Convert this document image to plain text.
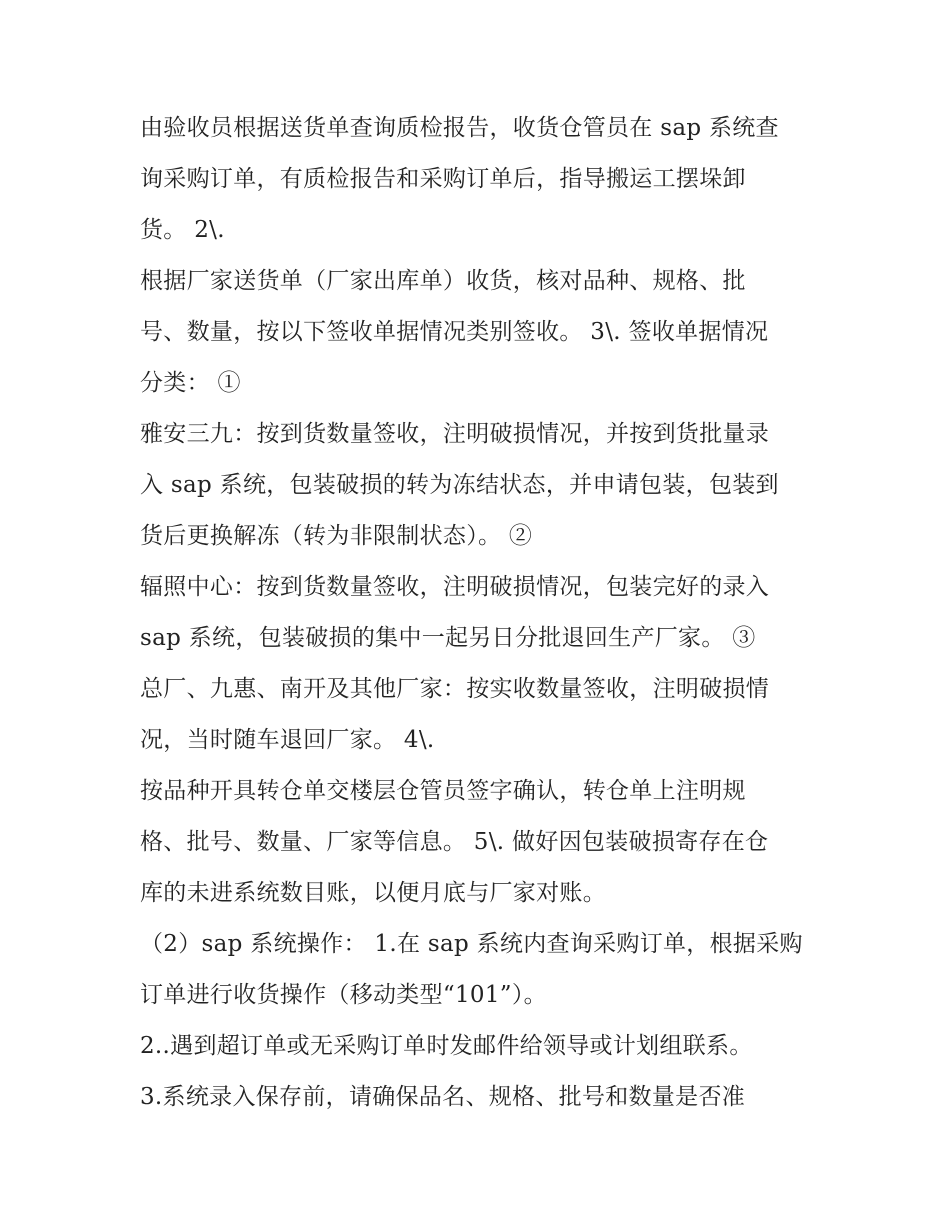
由验收员根据送货单查询质检报告，收货仓管员在 sap 系统查
询采购订单，有质检报告和采购订单后，指导搬运工摆垛卸
货。 2\.
根据厂家送货单（厂家出库单）收货，核对品种、规格、批
号、数量，按以下签收单据情况类别签收。 3\. 签收单据情况
分类： ①
雅安三九：按到货数量签收，注明破损情况，并按到货批量录
入 sap 系统，包装破损的转为冻结状态，并申请包装，包装到
货后更换解冻（转为非限制状态）。 ②
辐照中心：按到货数量签收，注明破损情况，包装完好的录入
sap 系统，包装破损的集中一起另日分批退回生产厂家。 ③
总厂、九惠、南开及其他厂家：按实收数量签收，注明破损情
况，当时随车退回厂家。 4\.
按品种开具转仓单交楼层仓管员签字确认，转仓单上注明规
格、批号、数量、厂家等信息。 5\. 做好因包装破损寄存在仓
库的未进系统数目账，以便月底与厂家对账。
（2）sap 系统操作： 1.在 sap 系统内查询采购订单，根据采购
订单进行收货操作（移动类型“101”）。
2..遇到超订单或无采购订单时发邮件给领导或计划组联系。
3.系统录入保存前，请确保品名、规格、批号和数量是否准
